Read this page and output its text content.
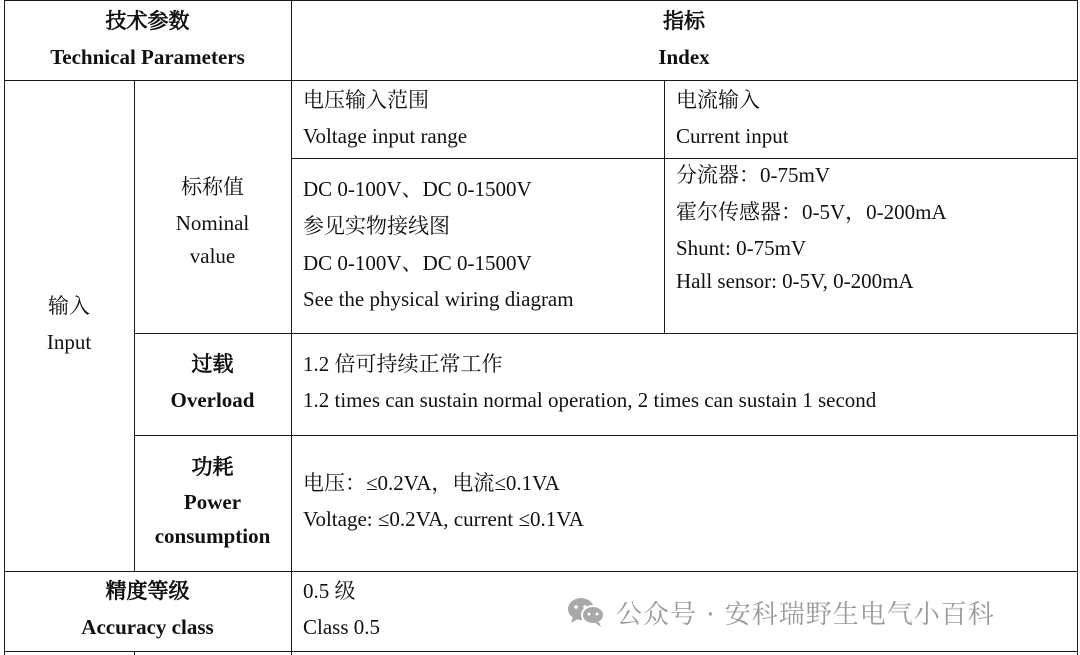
技术参数
Technical Parameters
指标
Index
输入
Input
电压输入范围
Voltage input range
电流输入
Current input
标称值
Nominal
value
DC 0-100V、DC 0-1500V
参见实物接线图
DC 0-100V、DC 0-1500V
See the physical wiring diagram
分流器：0-75mV
霍尔传感器：0-5V，0-200mA
Shunt: 0-75mV
Hall sensor: 0-5V, 0-200mA
过载
Overload
1.2 倍可持续正常工作
1.2 times can sustain normal operation, 2 times can sustain 1 second
功耗
Power
consumption
电压：≤0.2VA，电流≤0.1VA
Voltage: ≤0.2VA, current ≤0.1VA
精度等级
Accuracy class
0.5 级
Class 0.5	公众号 · 安科瑞野生电气小百科
